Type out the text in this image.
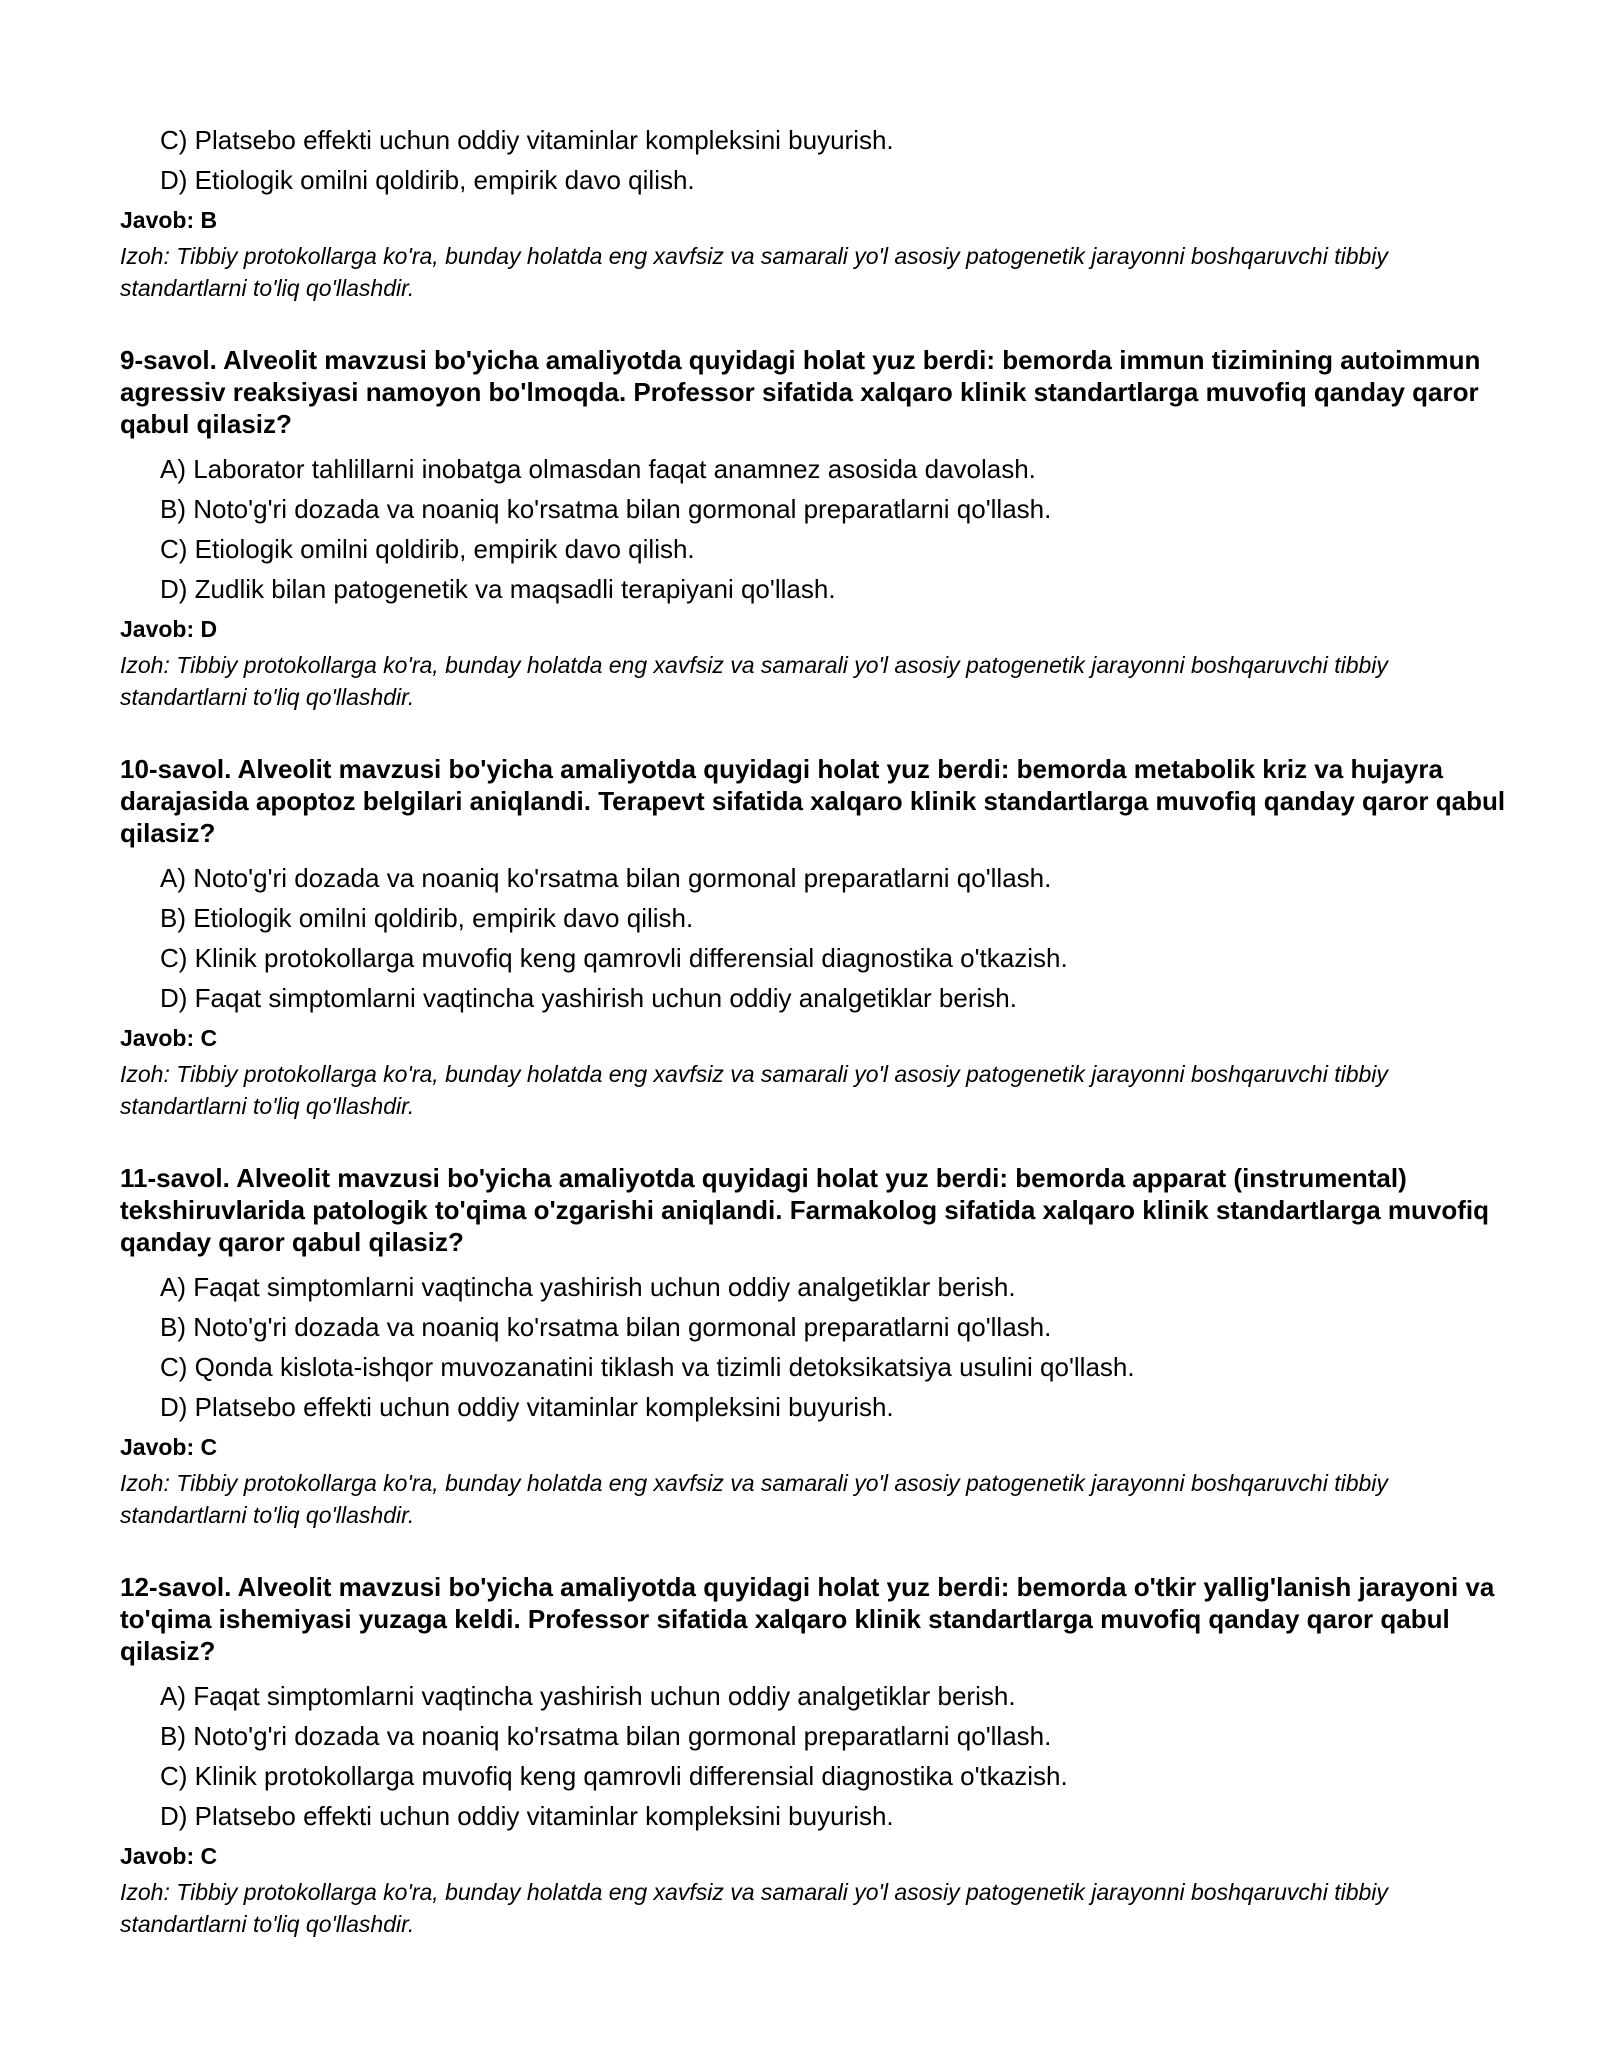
C) Platsebo effekti uchun oddiy vitaminlar kompleksini buyurish.
D) Etiologik omilni qoldirib, empirik davo qilish.
Javob: B
Izoh: Tibbiy protokollarga ko'ra, bunday holatda eng xavfsiz va samarali yo'l asosiy patogenetik jarayonni boshqaruvchi tibbiy standartlarni to'liq qo'llashdir.
9-savol. Alveolit mavzusi bo'yicha amaliyotda quyidagi holat yuz berdi: bemorda immun tizimining autoimmun agressiv reaksiyasi namoyon bo'lmoqda. Professor sifatida xalqaro klinik standartlarga muvofiq qanday qaror qabul qilasiz?
A) Laborator tahlillarni inobatga olmasdan faqat anamnez asosida davolash.
B) Noto'g'ri dozada va noaniq ko'rsatma bilan gormonal preparatlarni qo'llash.
C) Etiologik omilni qoldirib, empirik davo qilish.
D) Zudlik bilan patogenetik va maqsadli terapiyani qo'llash.
Javob: D
Izoh: Tibbiy protokollarga ko'ra, bunday holatda eng xavfsiz va samarali yo'l asosiy patogenetik jarayonni boshqaruvchi tibbiy standartlarni to'liq qo'llashdir.
10-savol. Alveolit mavzusi bo'yicha amaliyotda quyidagi holat yuz berdi: bemorda metabolik kriz va hujayra darajasida apoptoz belgilari aniqlandi. Terapevt sifatida xalqaro klinik standartlarga muvofiq qanday qaror qabul qilasiz?
A) Noto'g'ri dozada va noaniq ko'rsatma bilan gormonal preparatlarni qo'llash.
B) Etiologik omilni qoldirib, empirik davo qilish.
C) Klinik protokollarga muvofiq keng qamrovli differensial diagnostika o'tkazish.
D) Faqat simptomlarni vaqtincha yashirish uchun oddiy analgetiklar berish.
Javob: C
Izoh: Tibbiy protokollarga ko'ra, bunday holatda eng xavfsiz va samarali yo'l asosiy patogenetik jarayonni boshqaruvchi tibbiy standartlarni to'liq qo'llashdir.
11-savol. Alveolit mavzusi bo'yicha amaliyotda quyidagi holat yuz berdi: bemorda apparat (instrumental) tekshiruvlarida patologik to'qima o'zgarishi aniqlandi. Farmakolog sifatida xalqaro klinik standartlarga muvofiq qanday qaror qabul qilasiz?
A) Faqat simptomlarni vaqtincha yashirish uchun oddiy analgetiklar berish.
B) Noto'g'ri dozada va noaniq ko'rsatma bilan gormonal preparatlarni qo'llash.
C) Qonda kislota-ishqor muvozanatini tiklash va tizimli detoksikatsiya usulini qo'llash.
D) Platsebo effekti uchun oddiy vitaminlar kompleksini buyurish.
Javob: C
Izoh: Tibbiy protokollarga ko'ra, bunday holatda eng xavfsiz va samarali yo'l asosiy patogenetik jarayonni boshqaruvchi tibbiy standartlarni to'liq qo'llashdir.
12-savol. Alveolit mavzusi bo'yicha amaliyotda quyidagi holat yuz berdi: bemorda o'tkir yallig'lanish jarayoni va to'qima ishemiyasi yuzaga keldi. Professor sifatida xalqaro klinik standartlarga muvofiq qanday qaror qabul qilasiz?
A) Faqat simptomlarni vaqtincha yashirish uchun oddiy analgetiklar berish.
B) Noto'g'ri dozada va noaniq ko'rsatma bilan gormonal preparatlarni qo'llash.
C) Klinik protokollarga muvofiq keng qamrovli differensial diagnostika o'tkazish.
D) Platsebo effekti uchun oddiy vitaminlar kompleksini buyurish.
Javob: C
Izoh: Tibbiy protokollarga ko'ra, bunday holatda eng xavfsiz va samarali yo'l asosiy patogenetik jarayonni boshqaruvchi tibbiy standartlarni to'liq qo'llashdir.
